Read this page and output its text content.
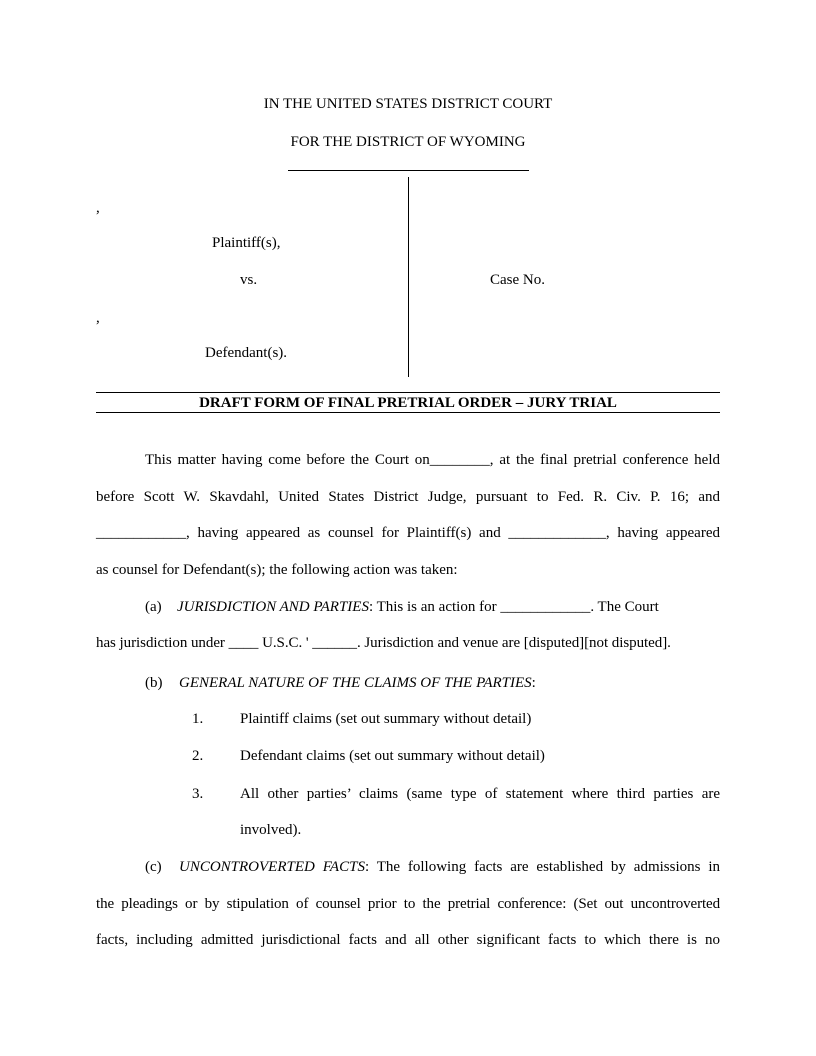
IN THE UNITED STATES DISTRICT COURT
FOR THE DISTRICT OF WYOMING
,
Plaintiff(s),
vs.
,
Defendant(s).
Case No.
DRAFT FORM OF FINAL PRETRIAL ORDER – JURY TRIAL
This matter having come before the Court on________, at the final pretrial conference held
before Scott W. Skavdahl, United States District Judge, pursuant to Fed. R. Civ. P. 16; and
____________, having appeared as counsel for Plaintiff(s) and _____________, having appeared
as counsel for Defendant(s); the following action was taken:
(a) JURISDICTION AND PARTIES: This is an action for ____________. The Court
has jurisdiction under ____ U.S.C. ' ______. Jurisdiction and venue are [disputed][not disputed].
(b) GENERAL NATURE OF THE CLAIMS OF THE PARTIES:
1. Plaintiff claims (set out summary without detail)
2. Defendant claims (set out summary without detail)
3. All other parties’ claims (same type of statement where third parties are
involved).
(c) UNCONTROVERTED FACTS: The following facts are established by admissions in
the pleadings or by stipulation of counsel prior to the pretrial conference: (Set out uncontroverted
facts, including admitted jurisdictional facts and all other significant facts to which there is no
